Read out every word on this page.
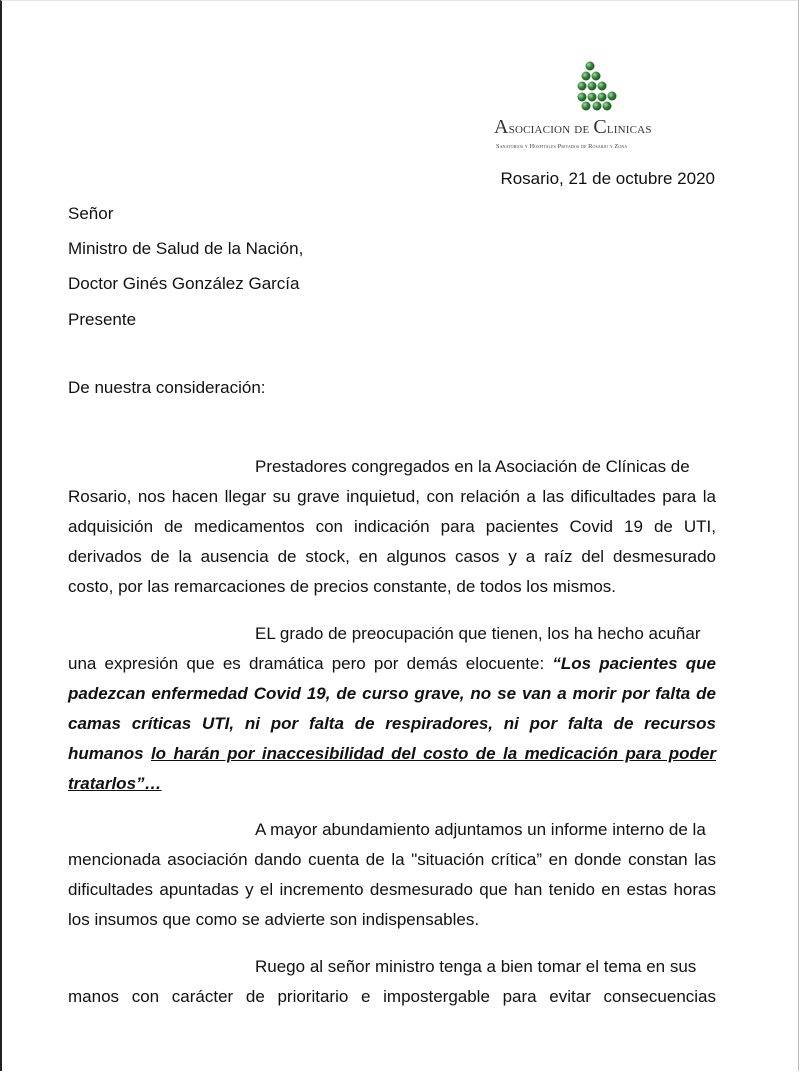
Asociacion de Clinicas
Sanatorios y Hospitales Privados de Rosario y Zona
Rosario, 21 de octubre 2020
Señor
Ministro de Salud de la Nación,
Doctor Ginés González García
Presente
De nuestra consideración:
Prestadores congregados en la Asociación de Clínicas de
Rosario, nos hacen llegar su grave inquietud, con relación a las dificultades para la
adquisición de medicamentos con indicación para pacientes Covid 19 de UTI,
derivados de la ausencia de stock, en algunos casos y a raíz del desmesurado
costo, por las remarcaciones de precios constante, de todos los mismos.
EL grado de preocupación que tienen, los ha hecho acuñar
una expresión que es dramática pero por demás elocuente: “Los pacientes que
padezcan enfermedad Covid 19, de curso grave, no se van a morir por falta de
camas críticas UTI, ni por falta de respiradores, ni por falta de recursos
humanos lo harán por inaccesibilidad del costo de la medicación para poder
tratarlos”…
A mayor abundamiento adjuntamos un informe interno de la
mencionada asociación dando cuenta de la "situación crítica” en donde constan las
dificultades apuntadas y el incremento desmesurado que han tenido en estas horas
los insumos que como se advierte son indispensables.
Ruego al señor ministro tenga a bien tomar el tema en sus
manos con carácter de prioritario e impostergable para evitar consecuencias
